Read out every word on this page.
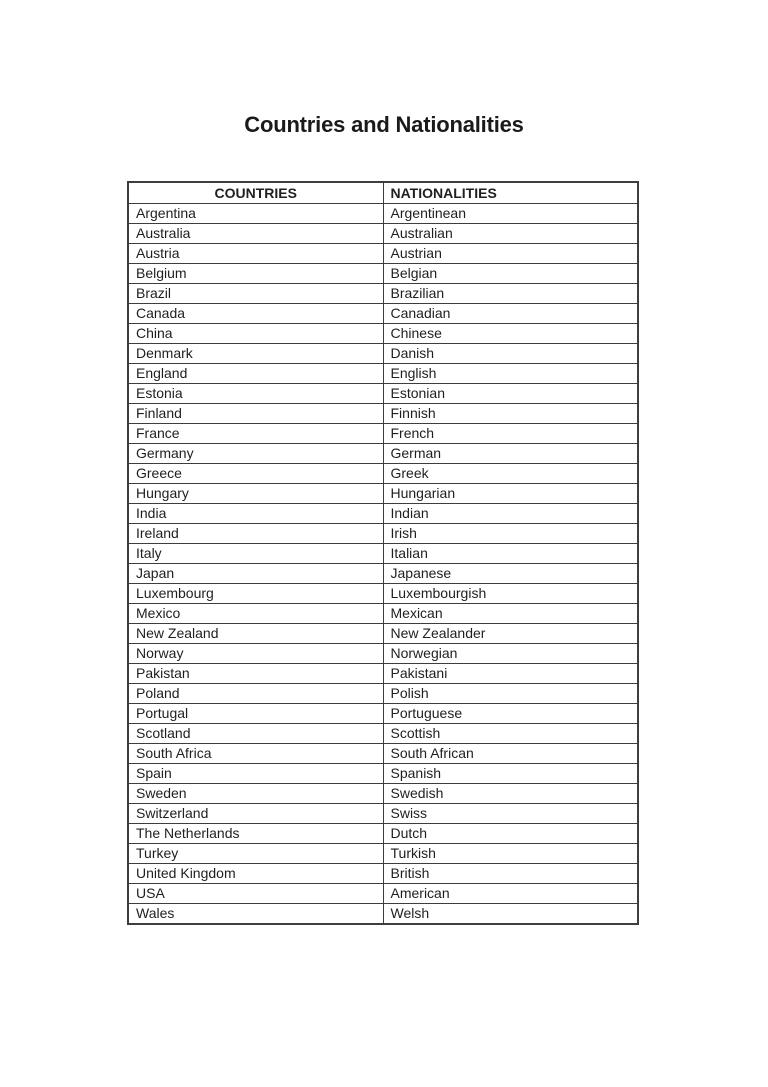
Countries and Nationalities
COUNTRIES	NATIONALITIES
Argentina	Argentinean
Australia	Australian
Austria	Austrian
Belgium	Belgian
Brazil	Brazilian
Canada	Canadian
China	Chinese
Denmark	Danish
England	English
Estonia	Estonian
Finland	Finnish
France	French
Germany	German
Greece	Greek
Hungary	Hungarian
India	Indian
Ireland	Irish
Italy	Italian
Japan	Japanese
Luxembourg	Luxembourgish
Mexico	Mexican
New Zealand	New Zealander
Norway	Norwegian
Pakistan	Pakistani
Poland	Polish
Portugal	Portuguese
Scotland	Scottish
South Africa	South African
Spain	Spanish
Sweden	Swedish
Switzerland	Swiss
The Netherlands	Dutch
Turkey	Turkish
United Kingdom	British
USA	American
Wales	Welsh
